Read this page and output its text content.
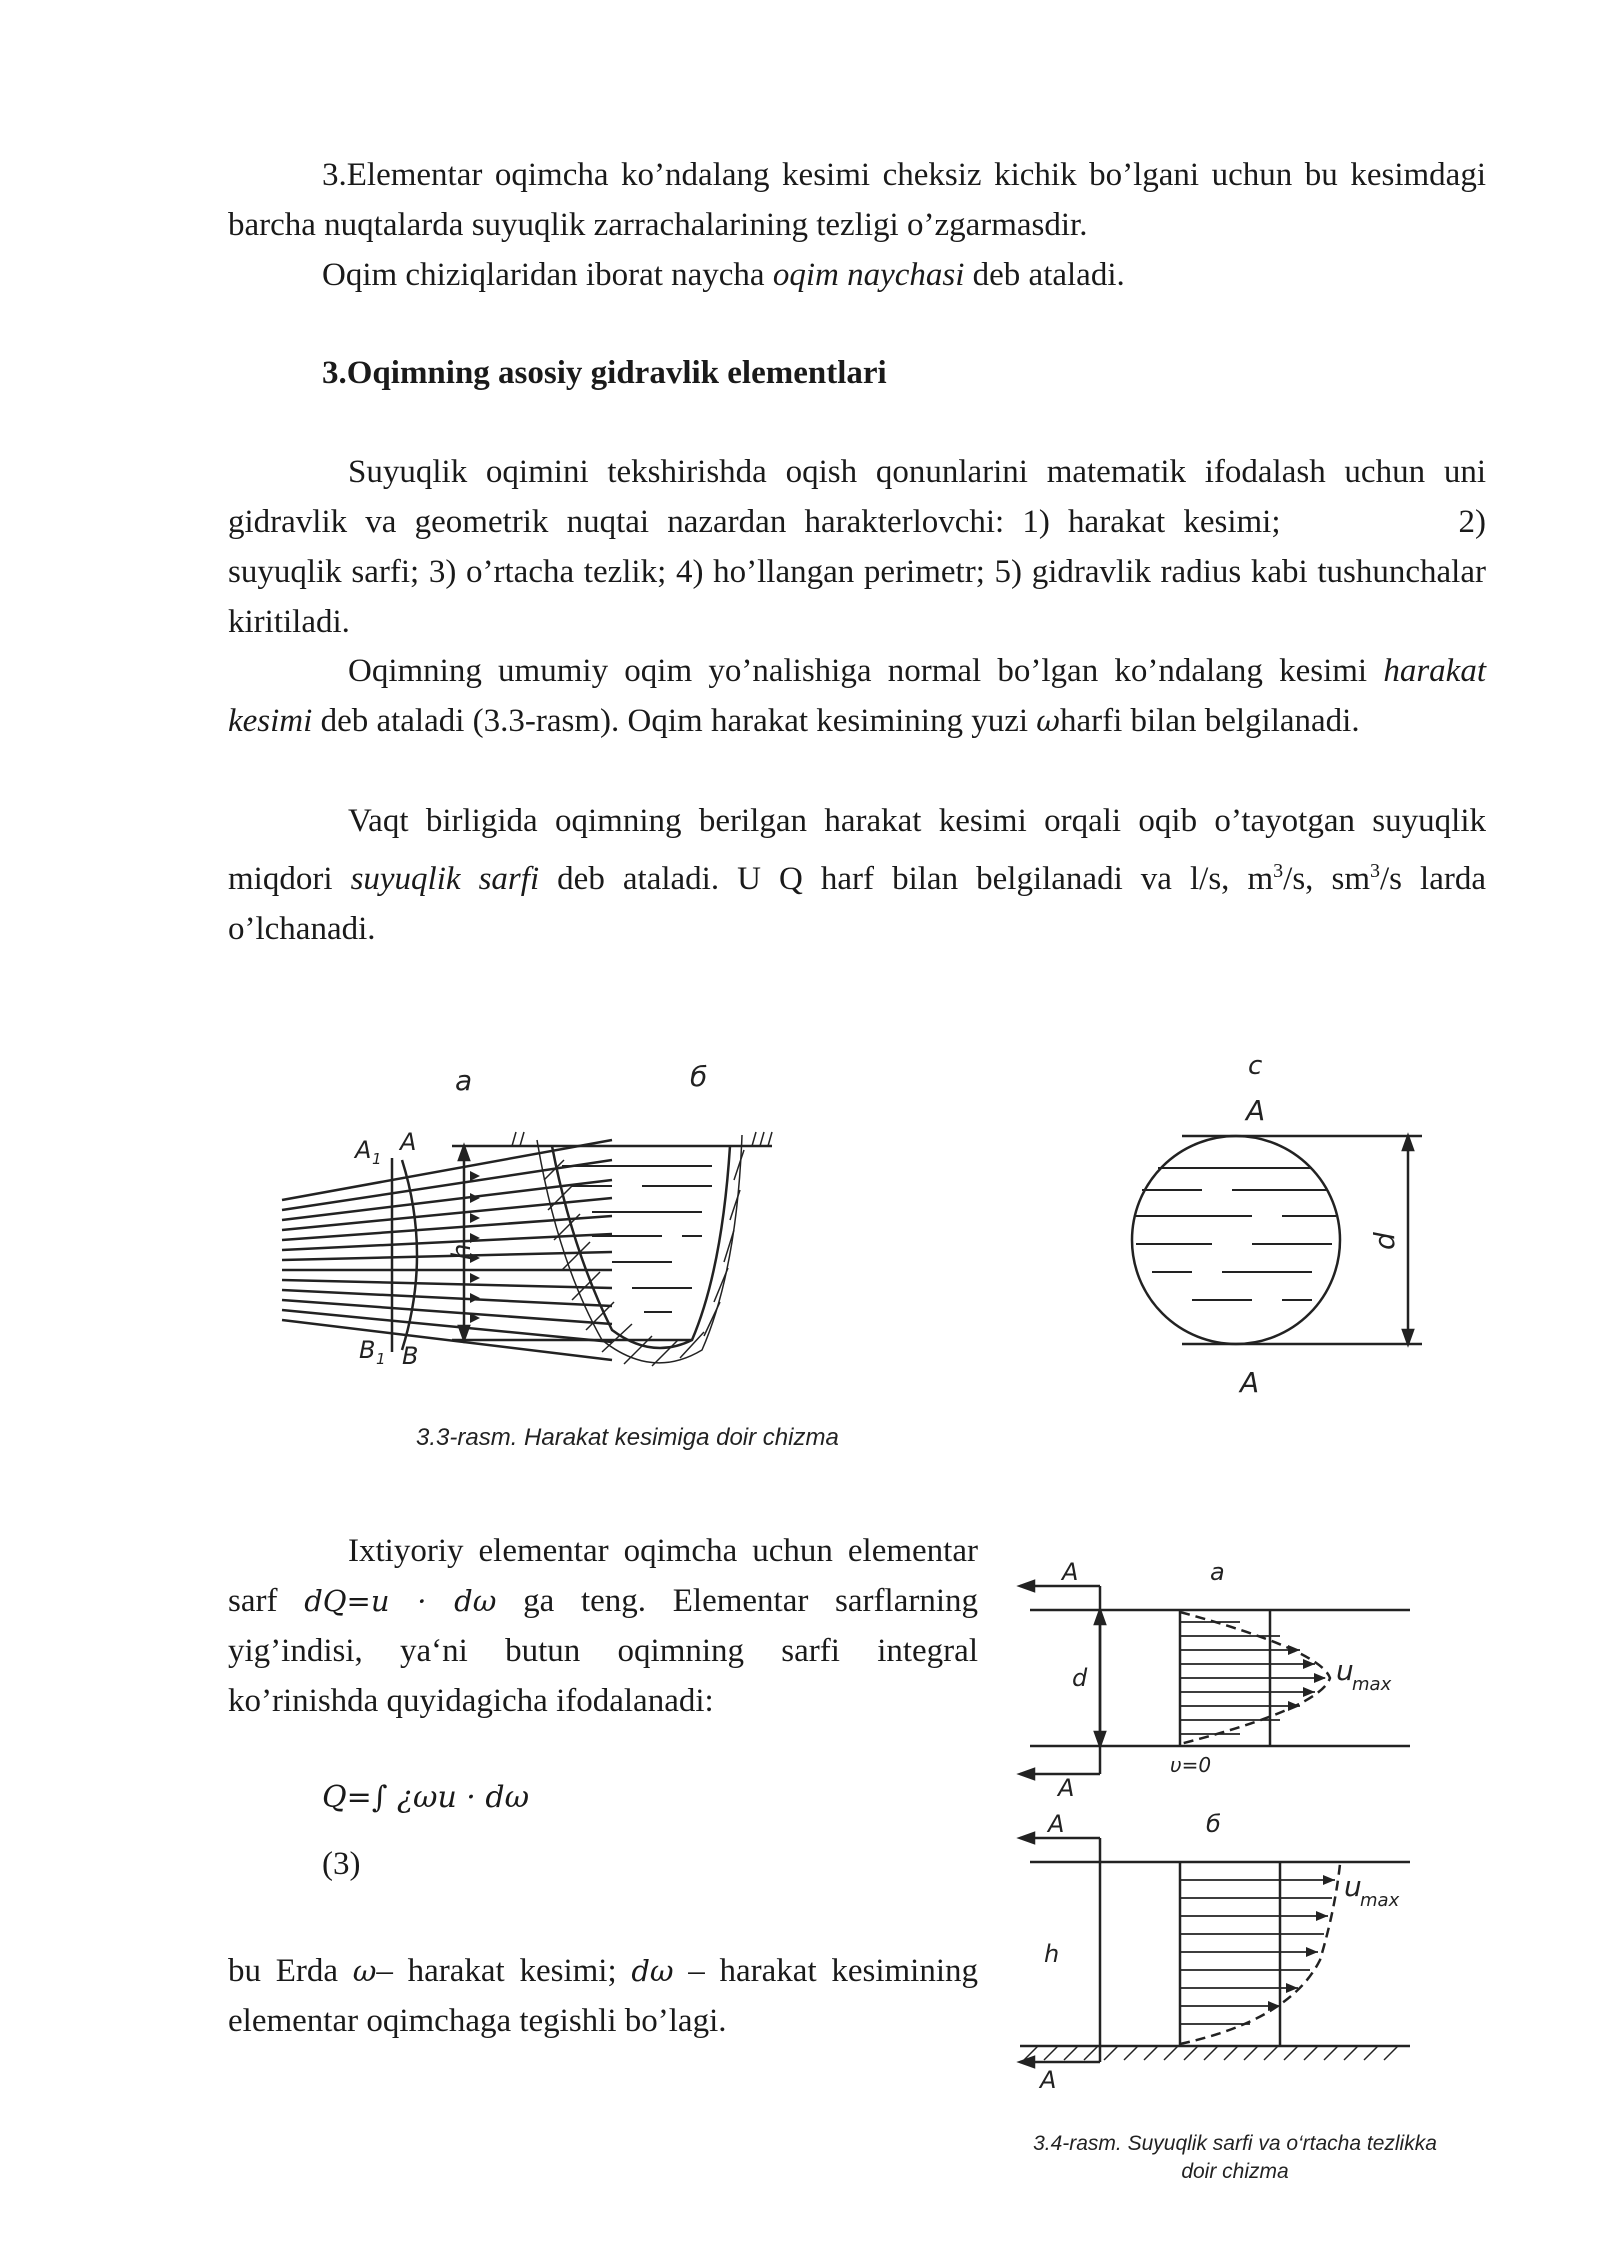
3.Elementar oqimcha ko’ndalang kesimi cheksiz kichik bo’lgani uchun bu kesimdagi barcha nuqtalarda suyuqlik zarrachalarining tezligi o’zgarmasdir.

Oqim chiziqlaridan iborat naycha oqim naychasi deb ataladi.

3.Oqimning asosiy gidravlik elementlari

Suyuqlik oqimini tekshirishda oqish qonunlarini matematik ifodalash uchun uni gidravlik va geometrik nuqtai nazardan harakterlovchi: 1) harakat kesimi;	2) suyuqlik sarfi; 3) o’rtacha tezlik; 4) ho’llangan perimetr; 5) gidravlik radius kabi tushunchalar kiritiladi.

Oqimning umumiy oqim yo’nalishiga normal bo’lgan ko’ndalang kesimi harakat kesimi deb ataladi (3.3-rasm). Oqim harakat kesimining yuzi ωharfi bilan belgilanadi.

Vaqt birligida oqimning berilgan harakat kesimi orqali oqib o’tayotgan suyuqlik miqdori suyuqlik sarfi deb ataladi. U Q harf bilan belgilanadi va l/s, $m^3/s$, $sm^3/s$ larda o’lchanadi.

a
A 1
A
B 1 B
б
h
c
A
A
d
3.3-rasm. Harakat kesimiga doir chizma

Ixtiyoriy elementar oqimcha uchun elementar sarf dQ=u · dω ga teng. Elementar sarflarning yig’indisi, ya‘ni butun oqimning sarfi integral ko’rinishda quyidagicha ifodalanadi:

Q=∫ ¿ωu · dω
(3)

bu Erda ω– harakat kesimi; dω – harakat kesimining elementar oqimchaga tegishli bo’lagi.

A	a
d	u
max
υ=0
A
A	б
h
u
max
A
3.4-rasm. Suyuqlik sarfi va o‘rtacha tezlikka
doir chizma
